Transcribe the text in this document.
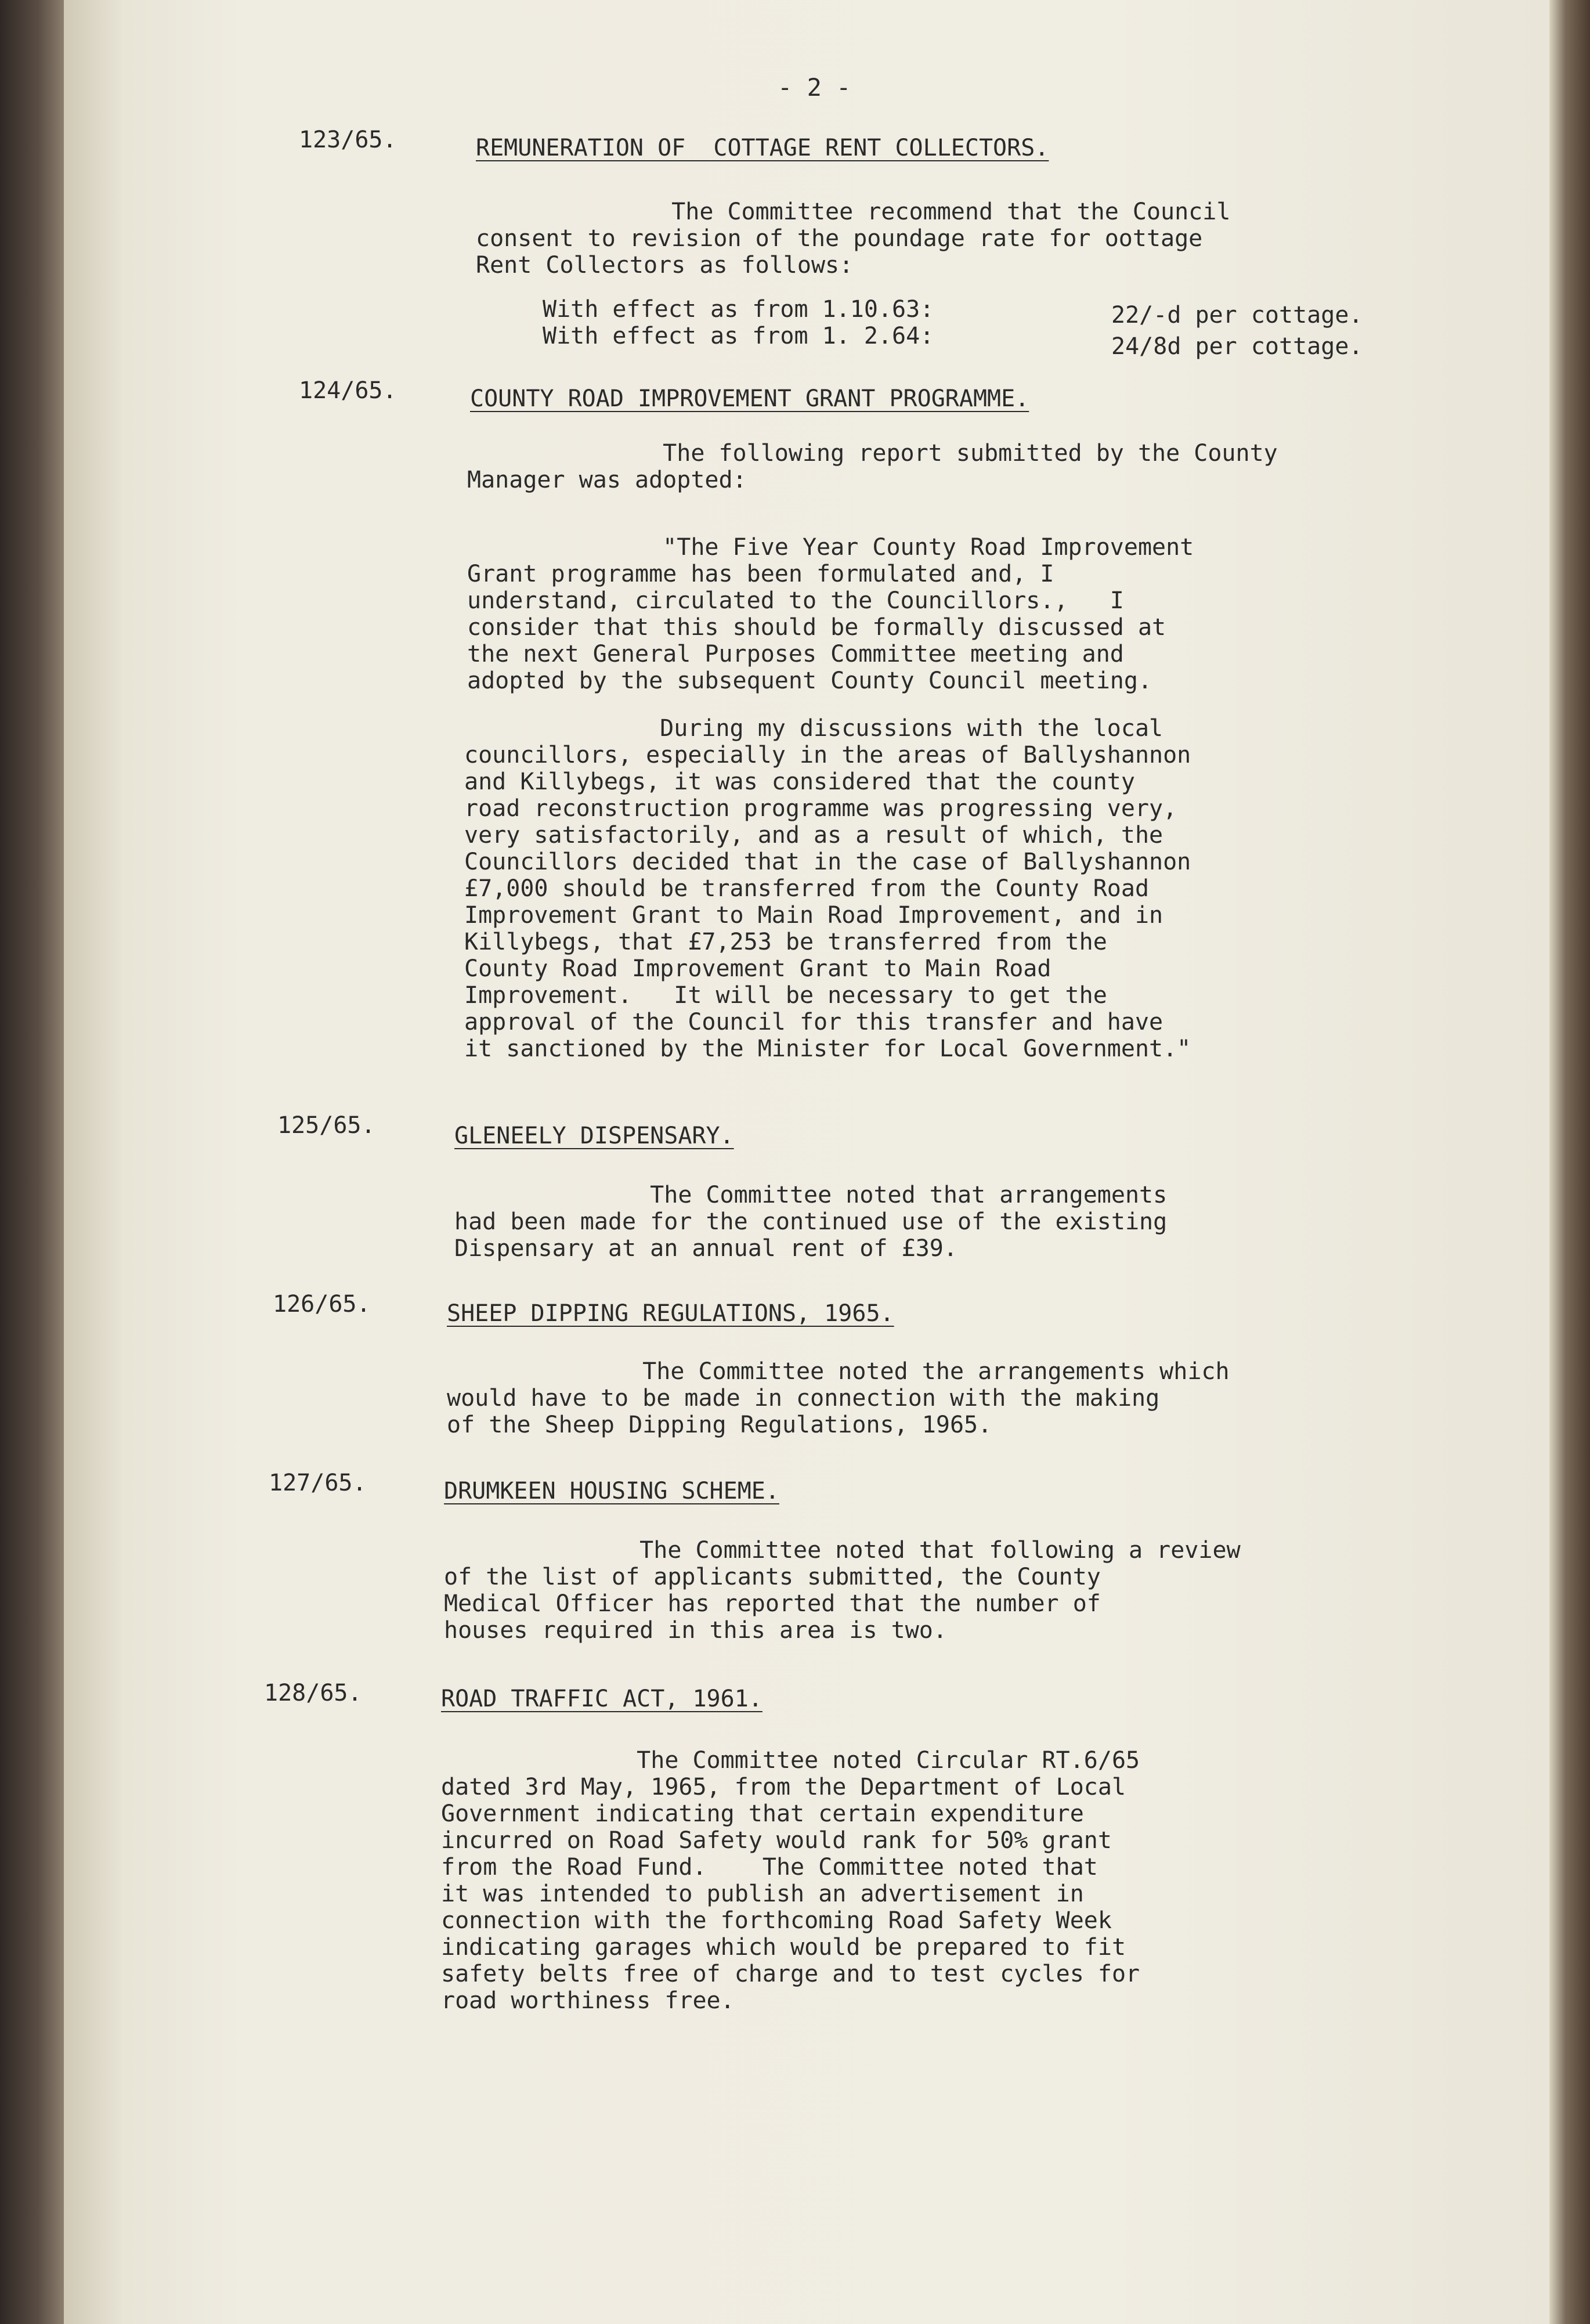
- 2 -
123/65.	REMUNERATION OF  COTTAGE RENT COLLECTORS.
The Committee recommend that the Council
consent to revision of the poundage rate for oottage
Rent Collectors as follows:
With effect as from 1.10.63:	22/-d per cottage.
With effect as from 1. 2.64:	24/8d per cottage.
124/65.	COUNTY ROAD IMPROVEMENT GRANT PROGRAMME.
The following report submitted by the County
Manager was adopted:
"The Five Year County Road Improvement
Grant programme has been formulated and, I
understand, circulated to the Councillors.,   I
consider that this should be formally discussed at
the next General Purposes Committee meeting and
adopted by the subsequent County Council meeting.
During my discussions with the local
councillors, especially in the areas of Ballyshannon
and Killybegs, it was considered that the county
road reconstruction programme was progressing very,
very satisfactorily, and as a result of which, the
Councillors decided that in the case of Ballyshannon
£7,000 should be transferred from the County Road
Improvement Grant to Main Road Improvement, and in
Killybegs, that £7,253 be transferred from the
County Road Improvement Grant to Main Road
Improvement.   It will be necessary to get the
approval of the Council for this transfer and have
it sanctioned by the Minister for Local Government."
125/65.	GLENEELY DISPENSARY.
The Committee noted that arrangements
had been made for the continued use of the existing
Dispensary at an annual rent of £39.
126/65.	SHEEP DIPPING REGULATIONS, 1965.
The Committee noted the arrangements which
would have to be made in connection with the making
of the Sheep Dipping Regulations, 1965.
127/65.	DRUMKEEN HOUSING SCHEME.
The Committee noted that following a review
of the list of applicants submitted, the County
Medical Officer has reported that the number of
houses required in this area is two.
128/65.	ROAD TRAFFIC ACT, 1961.
The Committee noted Circular RT.6/65
dated 3rd May, 1965, from the Department of Local
Government indicating that certain expenditure
incurred on Road Safety would rank for 50% grant
from the Road Fund.    The Committee noted that
it was intended to publish an advertisement in
connection with the forthcoming Road Safety Week
indicating garages which would be prepared to fit
safety belts free of charge and to test cycles for
road worthiness free.
